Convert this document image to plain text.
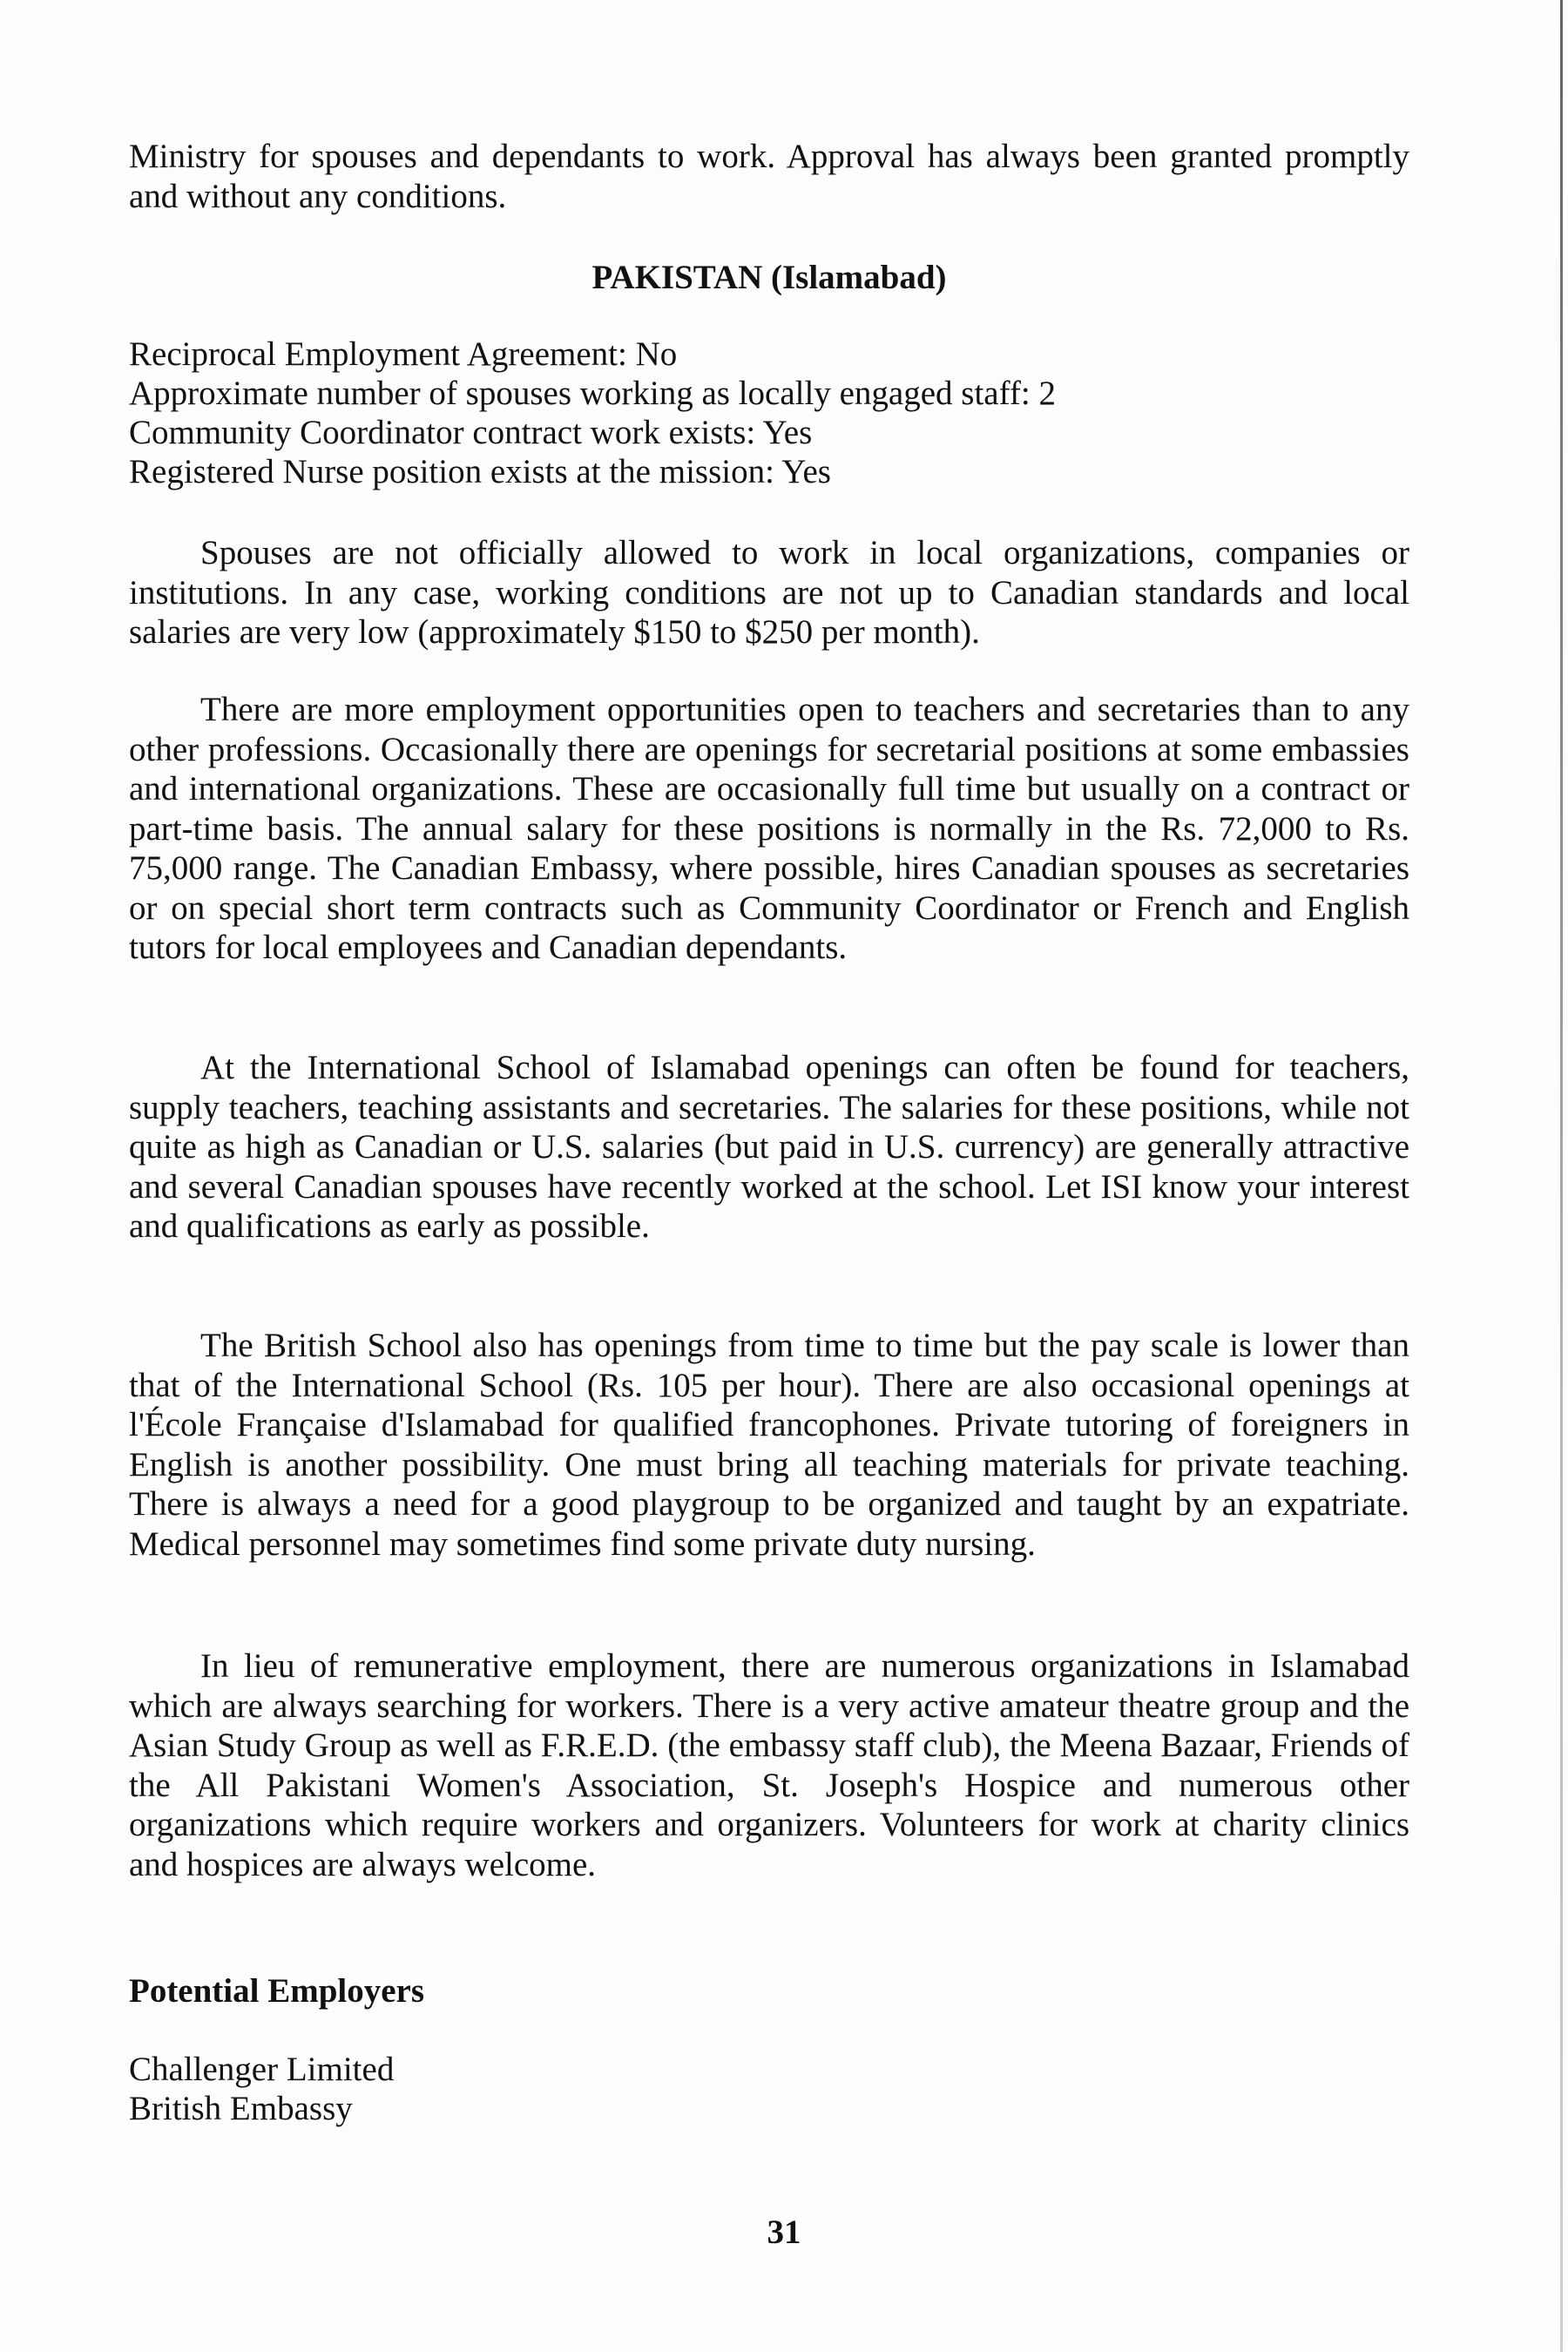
Ministry for spouses and dependants to work. Approval has always been granted promptly and without any conditions.

PAKISTAN (Islamabad)

Reciprocal Employment Agreement: No

Approximate number of spouses working as locally engaged staff: 2

Community Coordinator contract work exists: Yes

Registered Nurse position exists at the mission: Yes

Spouses are not officially allowed to work in local organizations, companies or institutions. In any case, working conditions are not up to Canadian standards and local salaries are very low (approximately $150 to $250 per month).

There are more employment opportunities open to teachers and secretaries than to any other professions. Occasionally there are openings for secretarial positions at some embassies and international organizations. These are occasionally full time but usually on a contract or part-time basis. The annual salary for these positions is normally in the Rs. 72,000 to Rs. 75,000 range. The Canadian Embassy, where possible, hires Canadian spouses as secretaries or on special short term contracts such as Community Coordinator or French and English tutors for local employees and Canadian dependants.

At the International School of Islamabad openings can often be found for teachers, supply teachers, teaching assistants and secretaries. The salaries for these positions, while not quite as high as Canadian or U.S. salaries (but paid in U.S. currency) are generally attractive and several Canadian spouses have recently worked at the school. Let ISI know your interest and qualifications as early as possible.

The British School also has openings from time to time but the pay scale is lower than that of the International School (Rs. 105 per hour). There are also occasional openings at l'École Française d'Islamabad for qualified francophones. Private tutoring of foreigners in English is another possibility. One must bring all teaching materials for private teaching. There is always a need for a good playgroup to be organized and taught by an expatriate. Medical personnel may sometimes find some private duty nursing.

In lieu of remunerative employment, there are numerous organizations in Islamabad which are always searching for workers. There is a very active amateur theatre group and the Asian Study Group as well as F.R.E.D. (the embassy staff club), the Meena Bazaar, Friends of the All Pakistani Women's Association, St. Joseph's Hospice and numerous other organizations which require workers and organizers. Volunteers for work at charity clinics and hospices are always welcome.

Potential Employers

Challenger Limited

British Embassy

31
